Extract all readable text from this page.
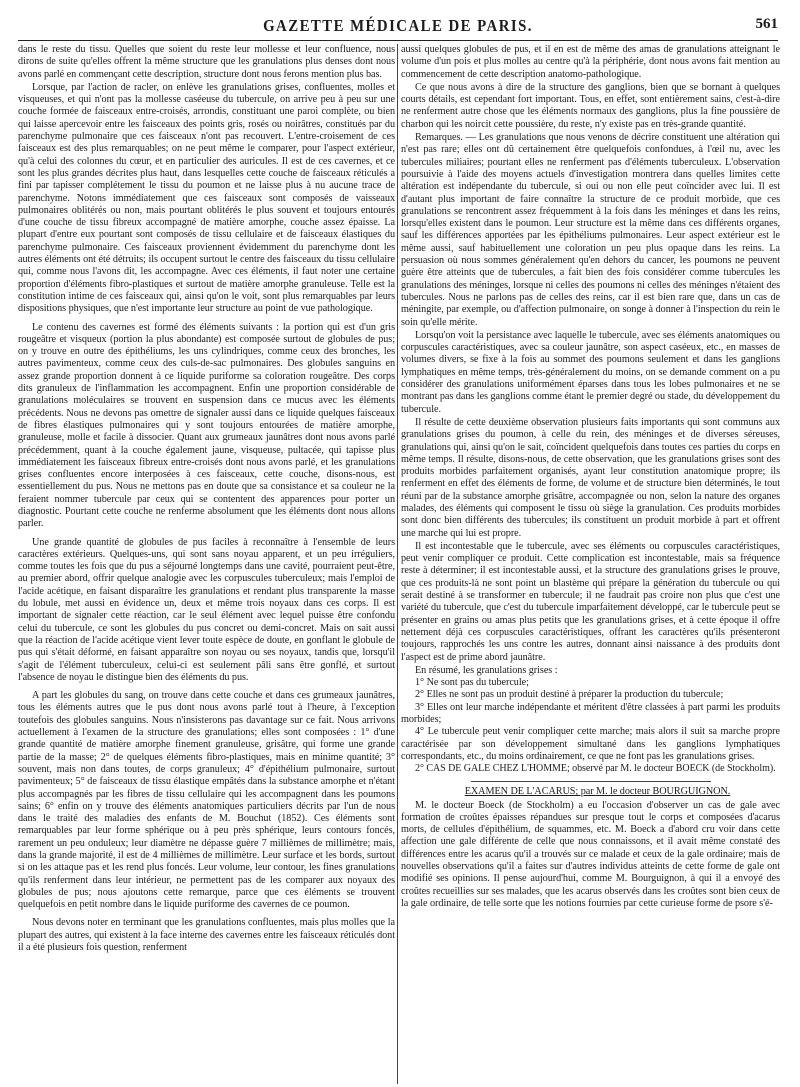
GAZETTE MÉDICALE DE PARIS.	561

dans le reste du tissu. Quelles que soient du reste leur mollesse et leur confluence, nous dirons de suite qu'elles offrent la même structure que les granulations plus denses dont nous avons parlé en commençant cette description, structure dont nous ferons mention plus bas.

Lorsque, par l'action de racler, on enlève les granulations grises, confluentes, molles et visqueuses, et qui n'ont pas la mollesse caséeuse du tubercule, on arrive peu à peu sur une couche formée de faisceaux entre-croisés, arrondis, constituant une paroi complète, ou bien qui laisse apercevoir entre les faisceaux des points gris, rosés ou noirâtres, constitués par du parenchyme pulmonaire que ces faisceaux n'ont pas recouvert. L'entre-croisement de ces faisceaux est des plus remarquables; on ne peut même le comparer, pour l'aspect extérieur, qu'à celui des colonnes du cœur, et en particulier des auricules. Il est de ces cavernes, et ce sont les plus grandes décrites plus haut, dans lesquelles cette couche de faisceaux réticulés a fini par tapisser complétement le tissu du poumon et ne laisse plus à nu aucune trace de parenchyme. Notons immédiatement que ces faisceaux sont composés de vaisseaux pulmonaires oblitérés ou non, mais pourtant oblitérés le plus souvent et toujours entourés d'une couche de tissu fibreux accompagné de matière amorphe, couche assez épaisse. La plupart d'entre eux pourtant sont composés de tissu cellulaire et de faisceaux élastiques du parenchyme pulmonaire. Ces faisceaux proviennent évidemment du parenchyme dont les autres éléments ont été détruits; ils occupent surtout le centre des faisceaux du tissu cellulaire qui, comme nous l'avons dit, les accompagne. Avec ces éléments, il faut noter une certaine proportion d'éléments fibro-plastiques et surtout de matière amorphe granuleuse. Telle est la constitution intime de ces faisceaux qui, ainsi qu'on le voit, sont plus remarquables par leurs dispositions physiques, que n'est importante leur structure au point de vue pathologique.

Le contenu des cavernes est formé des éléments suivants : la portion qui est d'un gris rougeâtre et visqueux (portion la plus abondante) est composée surtout de globules de pus; on y trouve en outre des épithéliums, les uns cylindriques, comme ceux des bronches, les autres pavimenteux, comme ceux des culs-de-sac pulmonaires. Des globules sanguins en assez grande proportion donnent à ce liquide puriforme sa coloration rougeâtre. Des corps dits granuleux de l'inflammation les accompagnent. Enfin une proportion considérable de granulations moléculaires se trouvent en suspension dans ce mucus avec les éléments précédents. Nous ne devons pas omettre de signaler aussi dans ce liquide quelques faisceaux de fibres élastiques pulmonaires qui y sont toujours entourées de matière amorphe, granuleuse, molle et facile à dissocier. Quant aux grumeaux jaunâtres dont nous avons parlé précédemment, quant à la couche également jaune, visqueuse, pultacée, qui tapisse plus immédiatement les faisceaux fibreux entre-croisés dont nous avons parlé, et les granulations grises confluentes encore interposées à ces faisceaux, cette couche, disons-nous, est essentiellement du pus. Nous ne mettons pas en doute que sa consistance et sa couleur ne la feraient nommer tubercule par ceux qui se contentent des apparences pour porter un diagnostic. Pourtant cette couche ne renferme absolument que les éléments dont nous allons parler.

Une grande quantité de globules de pus faciles à reconnaître à l'ensemble de leurs caractères extérieurs. Quelques-uns, qui sont sans noyau apparent, et un peu irréguliers, comme toutes les fois que du pus a séjourné longtemps dans une cavité, pourraient peut-être, au premier abord, offrir quelque analogie avec les corpuscules tuberculeux; mais l'emploi de l'acide acétique, en faisant disparaître les granulations et rendant plus transparente la masse du lobule, met aussi en évidence un, deux et même trois noyaux dans ces corps. Il est important de signaler cette réaction, car le seul élément avec lequel puisse être confondu celui du tubercule, ce sont les globules du pus concret ou demi-concret. Mais on sait aussi que la réaction de l'acide acétique vient lever toute espèce de doute, en gonflant le globule de pus qui s'était déformé, en faisant apparaître son noyau ou ses noyaux, tandis que, lorsqu'il s'agit de l'élément tuberculeux, celui-ci est seulement pâli sans être gonflé, et surtout l'absence de noyau le distingue bien des éléments du pus.

A part les globules du sang, on trouve dans cette couche et dans ces grumeaux jaunâtres, tous les éléments autres que le pus dont nous avons parlé tout à l'heure, à l'exception toutefois des globules sanguins. Nous n'insisterons pas davantage sur ce fait. Nous arrivons actuellement à l'examen de la structure des granulations; elles sont composées : 1° d'une grande quantité de matière amorphe finement granuleuse, grisâtre, qui forme une grande partie de la masse; 2° de quelques éléments fibro-plastiques, mais en minime quantité; 3° souvent, mais non dans toutes, de corps granuleux; 4° d'épithélium pulmonaire, surtout pavimenteux; 5° de faisceaux de tissu élastique empâtés dans la substance amorphe et n'étant plus accompagnés par les fibres de tissu cellulaire qui les accompagnent dans les poumons sains; 6° enfin on y trouve des éléments anatomiques particuliers décrits par l'un de nous dans le traité des maladies des enfants de M. Bouchut (1852). Ces éléments sont remarquables par leur forme sphérique ou à peu près sphérique, leurs contours foncés, rarement un peu onduleux; leur diamètre ne dépasse guère 7 millièmes de millimètre; mais, dans la grande majorité, il est de 4 millièmes de millimètre. Leur surface et les bords, surtout si on les attaque pas et les rend plus foncés. Leur volume, leur contour, les fines granulations qu'ils renferment dans leur intérieur, ne permettent pas de les comparer aux noyaux des globules de pus; nous ajoutons cette remarque, parce que ces éléments se trouvent quelquefois en petit nombre dans le liquide puriforme des cavernes de ce poumon.

Nous devons noter en terminant que les granulations confluentes, mais plus molles que la plupart des autres, qui existent à la face interne des cavernes entre les faisceaux réticulés dont il a été plusieurs fois question, renferment

aussi quelques globules de pus, et il en est de même des amas de granulations atteignant le volume d'un pois et plus molles au centre qu'à la périphérie, dont nous avons fait mention au commencement de cette description anatomo-pathologique.

Ce que nous avons à dire de la structure des ganglions, bien que se bornant à quelques courts détails, est cependant fort important. Tous, en effet, sont entièrement sains, c'est-à-dire ne renferment autre chose que les éléments normaux des ganglions, plus la fine poussière de charbon qui les noircit cette poussière, du reste, n'y existe pas en très-grande quantité.

Remarques. — Les granulations que nous venons de décrire constituent une altération qui n'est pas rare; elles ont dû certainement être quelquefois confondues, à l'œil nu, avec les tubercules miliaires; pourtant elles ne renferment pas d'éléments tuberculeux. L'observation poursuivie à l'aide des moyens actuels d'investigation montrera dans quelles limites cette altération est indépendante du tubercule, si oui ou non elle peut coïncider avec lui. Il est d'autant plus important de faire connaître la structure de ce produit morbide, que ces granulations se rencontrent assez fréquemment à la fois dans les méninges et dans les reins, lorsqu'elles existent dans le poumon. Leur structure est la même dans ces différents organes, sauf les différences apportées par les épithéliums pulmonaires. Leur aspect extérieur est le même aussi, sauf habituellement une coloration un peu plus opaque dans les reins. La persuasion où nous sommes généralement qu'en dehors du cancer, les poumons ne peuvent guère être atteints que de tubercules, a fait bien des fois considérer comme tubercules les granulations des méninges, lorsque ni celles des poumons ni celles des méninges n'étaient des tubercules. Nous ne parlons pas de celles des reins, car il est bien rare que, dans un cas de méningite, par exemple, ou d'affection pulmonaire, on songe à donner à l'inspection du rein le soin qu'elle mérite.

Lorsqu'on voit la persistance avec laquelle le tubercule, avec ses éléments anatomiques ou corpuscules caractéristiques, avec sa couleur jaunâtre, son aspect caséeux, etc., en masses de volumes divers, se fixe à la fois au sommet des poumons seulement et dans les ganglions lymphatiques en même temps, très-généralement du moins, on se demande comment on a pu considérer des granulations uniformément éparses dans tous les lobes pulmonaires et ne se montrant pas dans les ganglions comme étant le premier degré ou stade, du développement du tubercule.

Il résulte de cette deuxième observation plusieurs faits importants qui sont communs aux granulations grises du poumon, à celle du rein, des méninges et de diverses séreuses, granulations qui, ainsi qu'on le sait, coïncident quelquefois dans toutes ces parties du corps en même temps. Il résulte, disons-nous, de cette observation, que les granulations grises sont des produits morbides parfaitement organisés, ayant leur constitution anatomique propre; ils renferment en effet des éléments de forme, de volume et de structure bien déterminés, le tout réuni par de la substance amorphe grisâtre, accompagnée ou non, selon la nature des organes malades, des éléments qui composent le tissu où siège la granulation. Ces produits morbides sont donc bien différents des tubercules; ils constituent un produit morbide à part et offrent une marche qui lui est propre.

Il est incontestable que le tubercule, avec ses éléments ou corpuscules caractéristiques, peut venir compliquer ce produit. Cette complication est incontestable, mais sa fréquence reste à déterminer; il est incontestable aussi, et la structure des granulations grises le prouve, que ces produits-là ne sont point un blastème qui prépare la génération du tubercule ou qui serait destiné à se transformer en tubercule; il ne faudrait pas croire non plus que c'est une variété du tubercule, que c'est du tubercule imparfaitement développé, car le tubercule peut se présenter en grains ou amas plus petits que les granulations grises, et à cette époque il offre nettement déjà ces corpuscules caractéristiques, offrant les caractères qu'ils présenteront toujours, rapprochés les uns contre les autres, donnant ainsi naissance à des produits dont l'aspect est de prime abord jaunâtre.

En résumé, les granulations grises :

1° Ne sont pas du tubercule;
2° Elles ne sont pas un produit destiné à préparer la production du tubercule;
3° Elles ont leur marche indépendante et méritent d'être classées à part parmi les produits morbides;
4° Le tubercule peut venir compliquer cette marche; mais alors il suit sa marche propre caractérisée par son développement simultané dans les ganglions lymphatiques correspondants, etc., du moins ordinairement, ce que ne font pas les granulations grises.

2° CAS DE GALE CHEZ L'HOMME; observé par M. le docteur BOECK (de Stockholm).

EXAMEN DE L'ACARUS; par M. le docteur BOURGUIGNON.

M. le docteur Boeck (de Stockholm) a eu l'occasion d'observer un cas de gale avec formation de croûtes épaisses répandues sur presque tout le corps et composées d'acarus morts, de cellules d'épithélium, de squammes, etc. M. Boeck a d'abord cru voir dans cette affection une gale différente de celle que nous connaissons, et il avait même constaté des différences entre les acarus qu'il a trouvés sur ce malade et ceux de la gale ordinaire; mais de nouvelles observations qu'il a faites sur d'autres individus atteints de cette forme de gale ont modifié ses opinions. Il pense aujourd'hui, comme M. Bourguignon, à qui il a envoyé des croûtes recueillies sur ses malades, que les acarus observés dans les croûtes sont bien ceux de la gale ordinaire, de telle sorte que les notions fournies par cette curieuse forme de psore s'é-
